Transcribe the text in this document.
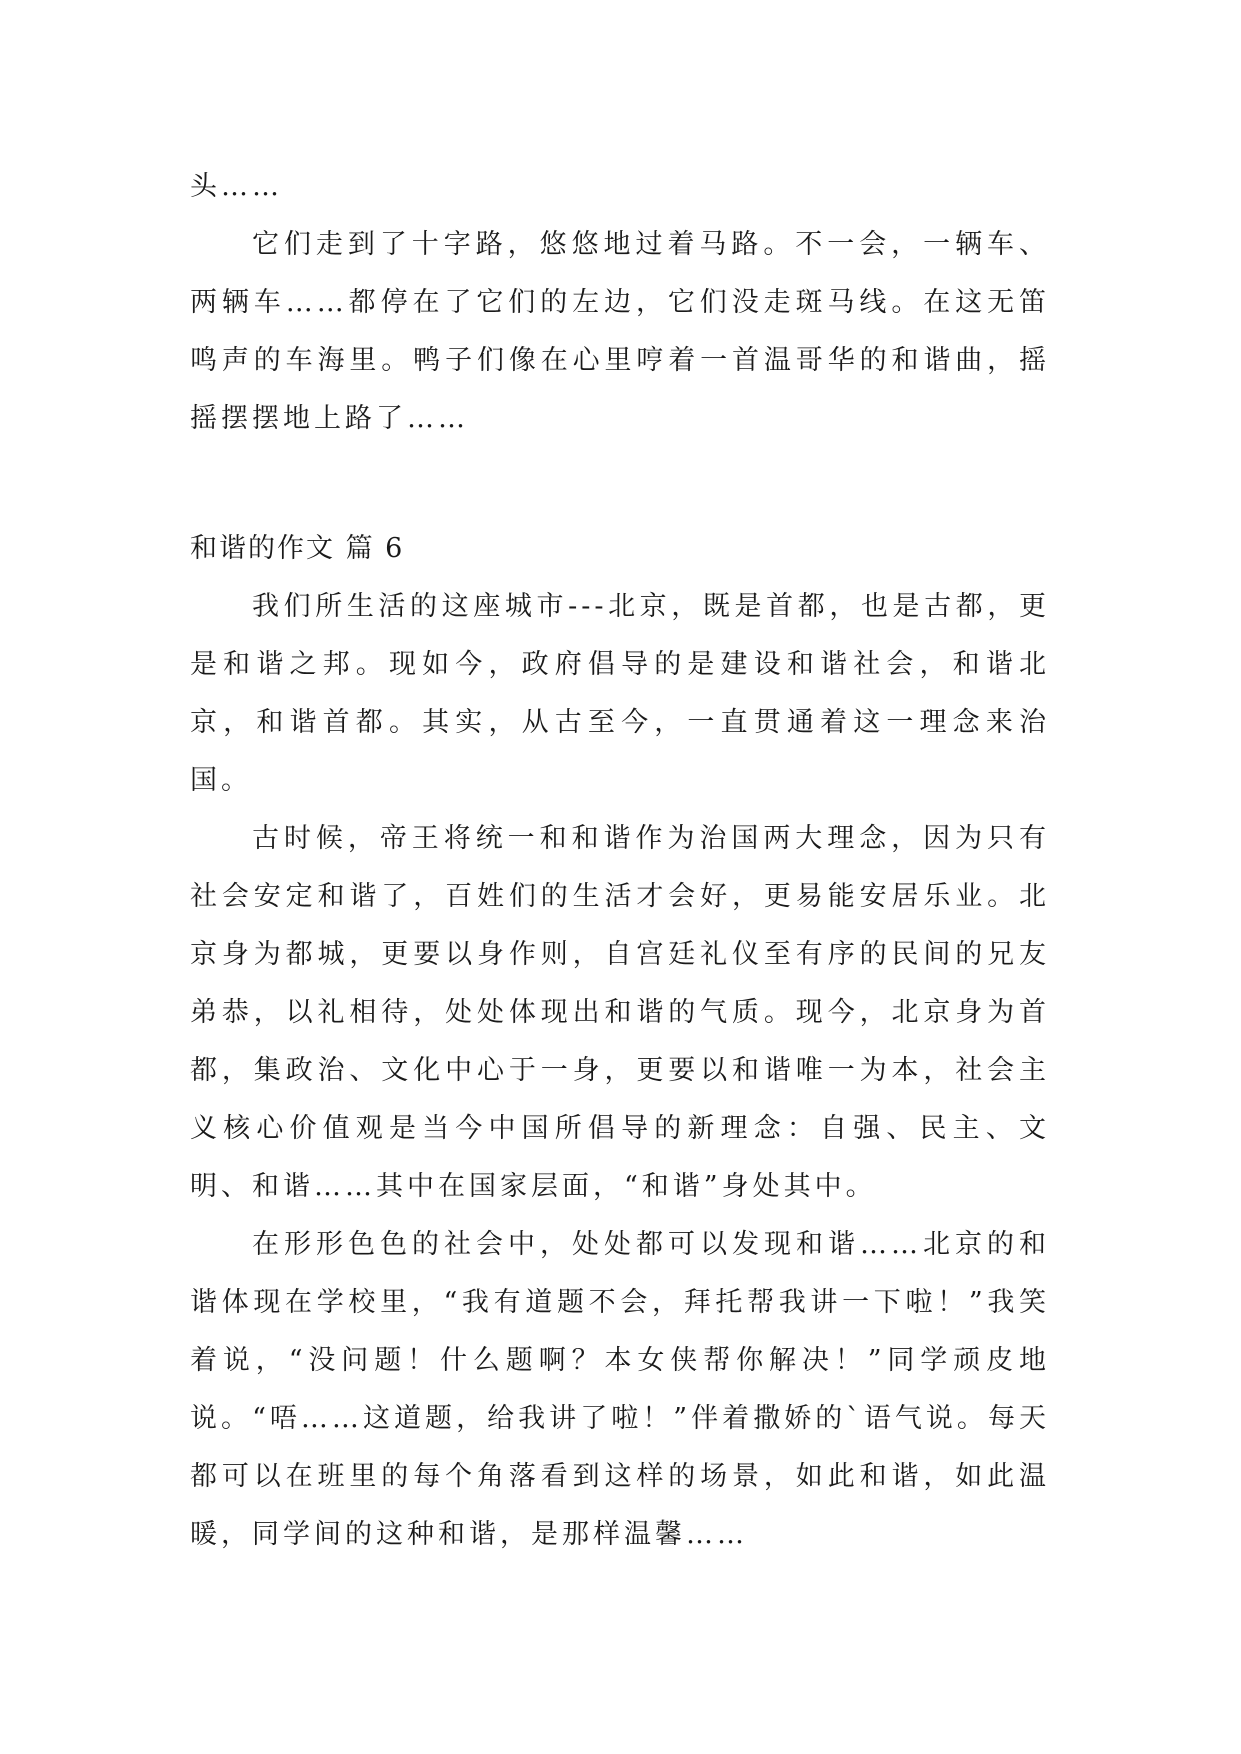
头……

它们走到了十字路，悠悠地过着马路。不一会，一辆车、两辆车……都停在了它们的左边，它们没走斑马线。在这无笛鸣声的车海里。鸭子们像在心里哼着一首温哥华的和谐曲，摇摇摆摆地上路了……

和谐的作文 篇 6

我们所生活的这座城市---北京，既是首都，也是古都，更是和谐之邦。现如今，政府倡导的是建设和谐社会，和谐北京，和谐首都。其实，从古至今，一直贯通着这一理念来治国。

古时候，帝王将统一和和谐作为治国两大理念，因为只有社会安定和谐了，百姓们的生活才会好，更易能安居乐业。北京身为都城，更要以身作则，自宫廷礼仪至有序的民间的兄友弟恭，以礼相待，处处体现出和谐的气质。现今，北京身为首都，集政治、文化中心于一身，更要以和谐唯一为本，社会主义核心价值观是当今中国所倡导的新理念：自强、民主、文明、和谐……其中在国家层面，“和谐”身处其中。

在形形色色的社会中，处处都可以发现和谐……北京的和谐体现在学校里，“我有道题不会，拜托帮我讲一下啦！”我笑着说，“没问题！什么题啊？本女侠帮你解决！”同学顽皮地说。“唔……这道题，给我讲了啦！”伴着撒娇的`语气说。每天都可以在班里的每个角落看到这样的场景，如此和谐，如此温暖，同学间的这种和谐，是那样温馨……
